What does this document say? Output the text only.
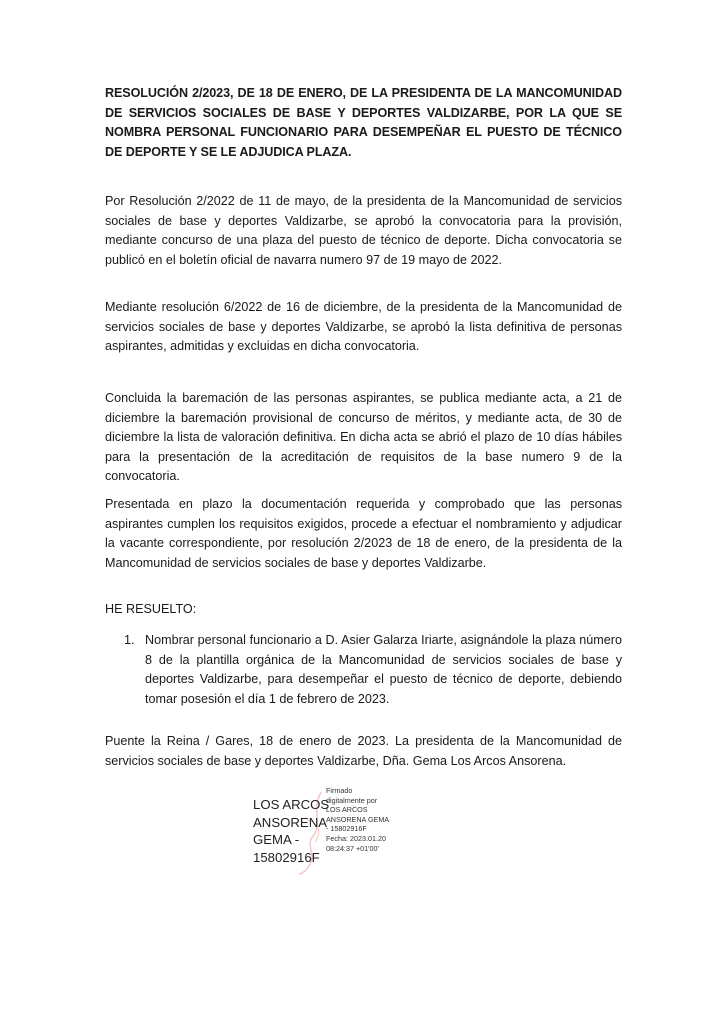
RESOLUCIÓN 2/2023, DE 18 DE ENERO, DE LA PRESIDENTA DE LA MANCOMUNIDAD DE SERVICIOS SOCIALES DE BASE Y DEPORTES VALDIZARBE, POR LA QUE SE NOMBRA PERSONAL FUNCIONARIO PARA DESEMPEÑAR EL PUESTO DE TÉCNICO DE DEPORTE Y SE LE ADJUDICA PLAZA.

Por Resolución 2/2022 de 11 de mayo, de la presidenta de la Mancomunidad de servicios sociales de base y deportes Valdizarbe, se aprobó la convocatoria para la provisión, mediante concurso de una plaza del puesto de técnico de deporte. Dicha convocatoria se publicó en el boletín oficial de navarra numero 97 de 19 mayo de 2022.

Mediante resolución 6/2022 de 16 de diciembre, de la presidenta de la Mancomunidad de servicios sociales de base y deportes Valdizarbe, se aprobó la lista definitiva de personas aspirantes, admitidas y excluidas en dicha convocatoria.

Concluida la baremación de las personas aspirantes, se publica mediante acta, a 21 de diciembre la baremación provisional de concurso de méritos, y mediante acta, de 30 de diciembre la lista de valoración definitiva. En dicha acta se abrió el plazo de 10 días hábiles para la presentación de la acreditación de requisitos de la base numero 9 de la convocatoria.

Presentada en plazo la documentación requerida y comprobado que las personas aspirantes cumplen los requisitos exigidos, procede a efectuar el nombramiento y adjudicar la vacante correspondiente, por resolución 2/2023 de 18 de enero, de la presidenta de la Mancomunidad de servicios sociales de base y deportes Valdizarbe.

HE RESUELTO:

1. Nombrar personal funcionario a D. Asier Galarza Iriarte, asignándole la plaza número 8 de la plantilla orgánica de la Mancomunidad de servicios sociales de base y deportes Valdizarbe, para desempeñar el puesto de técnico de deporte, debiendo tomar posesión el día 1 de febrero de 2023.

Puente la Reina / Gares, 18 de enero de 2023. La presidenta de la Mancomunidad de servicios sociales de base y deportes Valdizarbe, Dña. Gema Los Arcos Ansorena.

LOS ARCOS
ANSORENA
GEMA -
15802916F
Firmado
digitalmente por
LOS ARCOS
ANSORENA GEMA
- 15802916F
Fecha: 2023.01.20
08:24:37 +01'00'
